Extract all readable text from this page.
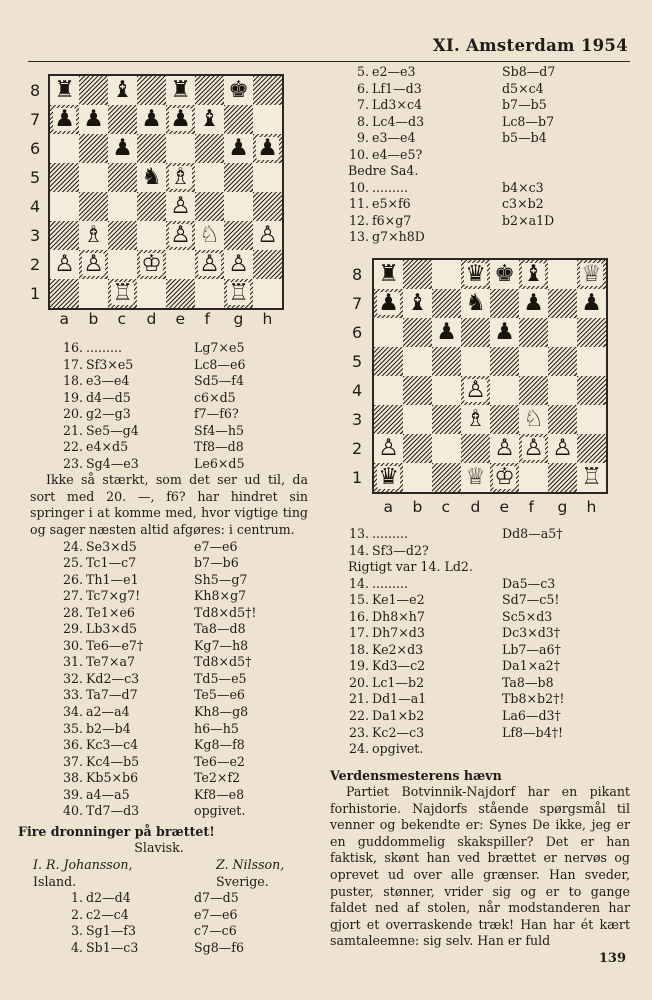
XI. Amsterdam 1954
♜ ♝ ♜ ♚
♟ ♟ ♟ ♟ ♝
♟	♟ ♟
♞ ♗
♙
♗	♙ ♘ ♙
♙ ♙ ♔ ♙ ♙
♖	♖
8
7
6
5
4
3
2
1
a b c d e f g h
16. .........	Lg7×e5
17. Sf3×e5	Lc8—e6
18. e3—e4	Sd5—f4
19. d4—d5	c6×d5
20. g2—g3	f7—f6?
21. Se5—g4	Sf4—h5
22. e4×d5	Tf8—d8
23. Sg4—e3	Le6×d5
Ikke så stærkt, som det ser ud til, da sort med 20. —, f6? har hindret sin springer i at komme med, hvor vigtige ting og sager næsten altid afgøres: i centrum.
24. Se3×d5	e7—e6
25. Tc1—c7	b7—b6
26. Th1—e1	Sh5—g7
27. Tc7×g7!	Kh8×g7
28. Te1×e6	Td8×d5†!
29. Lb3×d5	Ta8—d8
30. Te6—e7†	Kg7—h8
31. Te7×a7	Td8×d5†
32. Kd2—c3	Td5—e5
33. Ta7—d7	Te5—e6
34. a2—a4	Kh8—g8
35. b2—b4	h6—h5
36. Kc3—c4	Kg8—f8
37. Kc4—b5	Te6—e2
38. Kb5×b6	Te2×f2
39. a4—a5	Kf8—e8
40. Td7—d3	opgivet.
Fire dronninger på brættet!
Slavisk.
I. R. Johansson,	Z. Nilsson,
Island.	Sverige.
1. d2—d4	d7—d5
2. c2—c4	e7—e6
3. Sg1—f3	c7—c6
4. Sb1—c3	Sg8—f6
5. e2—e3	Sb8—d7
6. Lf1—d3	d5×c4
7. Ld3×c4	b7—b5
8. Lc4—d3	Lc8—b7
9. e3—e4	b5—b4
10. e4—e5?
Bedre Sa4.
10. .........	b4×c3
11. e5×f6	c3×b2
12. f6×g7	b2×a1D
13. g7×h8D
♜	♛ ♚ ♝ ♕
♟ ♝ ♞ ♟ ♟
♟ ♟
♙
♗ ♘
♙	♙ ♙ ♙
♛	♕ ♔	♖
8
7
6
5
4
3
2
1
a b c d e f g h
13. .........	Dd8—a5†
14. Sf3—d2?
Rigtigt var 14. Ld2.
14. .........	Da5—c3
15. Ke1—e2	Sd7—c5!
16. Dh8×h7	Sc5×d3
17. Dh7×d3	Dc3×d3†
18. Ke2×d3	Lb7—a6†
19. Kd3—c2	Da1×a2†
20. Lc1—b2	Ta8—b8
21. Dd1—a1	Tb8×b2†!
22. Da1×b2	La6—d3†
23. Kc2—c3	Lf8—b4†!
24. opgivet.
Verdensmesterens hævn
Partiet Botvinnik-Najdorf har en pikant forhistorie. Najdorfs stående spørgsmål til venner og bekendte er: Synes De ikke, jeg er en guddommelig skakspiller? Det er han faktisk, skønt han ved brættet er nervøs og oprevet ud over alle grænser. Han sveder, puster, stønner, vrider sig og er to gange faldet ned af stolen, når modstanderen har gjort et overraskende træk! Han har ét kært samtaleemne: sig selv. Han er fuld
139
